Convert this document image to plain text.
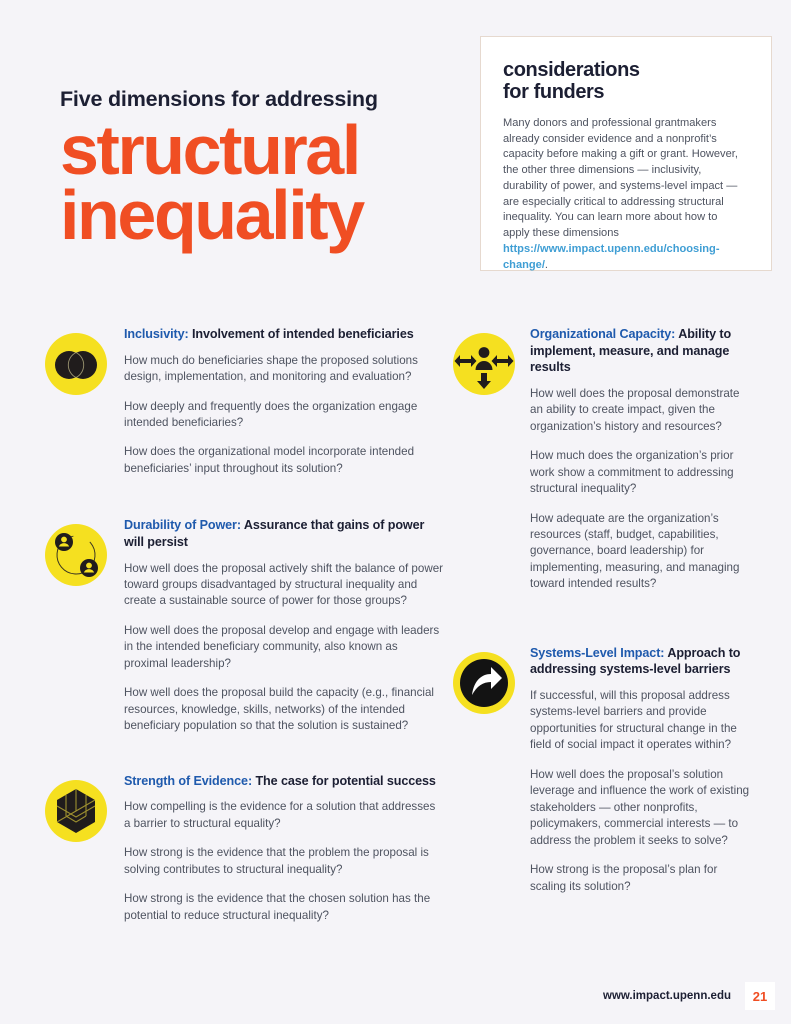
Five dimensions for addressing
structural
inequality
considerations
for funders
Many donors and professional grantmakers already consider evidence and a nonprofit’s capacity before making a gift or grant. However, the other three dimensions — inclusivity, durability of power, and systems-level impact — are especially critical to addressing structural inequality. You can learn more about how to apply these dimensions https://www.impact.upenn.edu/choosing-change/.
Inclusivity: Involvement of intended beneficiaries
How much do beneficiaries shape the proposed solutions design, implementation, and monitoring and evaluation?
How deeply and frequently does the organization engage intended beneficiaries?
How does the organizational model incorporate intended beneficiaries’ input throughout its solution?
Durability of Power: Assurance that gains of power will persist
How well does the proposal actively shift the balance of power toward groups disadvantaged by structural inequality and create a sustainable source of power for those groups?
How well does the proposal develop and engage with leaders in the intended beneficiary community, also known as proximal leadership?
How well does the proposal build the capacity (e.g., financial resources, knowledge, skills, networks) of the intended beneficiary population so that the solution is sustained?
Strength of Evidence: The case for potential success
How compelling is the evidence for a solution that addresses a barrier to structural equality?
How strong is the evidence that the problem the proposal is solving contributes to structural inequality?
How strong is the evidence that the chosen solution has the potential to reduce structural inequality?
Organizational Capacity: Ability to implement, measure, and manage results
How well does the proposal demonstrate an ability to create impact, given the organization’s history and resources?
How much does the organization’s prior work show a commitment to addressing structural inequality?
How adequate are the organization’s resources (staff, budget, capabilities, governance, board leadership) for implementing, measuring, and managing toward intended results?
Systems-Level Impact: Approach to addressing systems-level barriers
If successful, will this proposal address systems-level barriers and provide opportunities for structural change in the field of social impact it operates within?
How well does the proposal’s solution leverage and influence the work of existing stakeholders — other nonprofits, policymakers, commercial interests — to address the problem it seeks to solve?
How strong is the proposal’s plan for scaling its solution?
www.impact.upenn.edu	21
